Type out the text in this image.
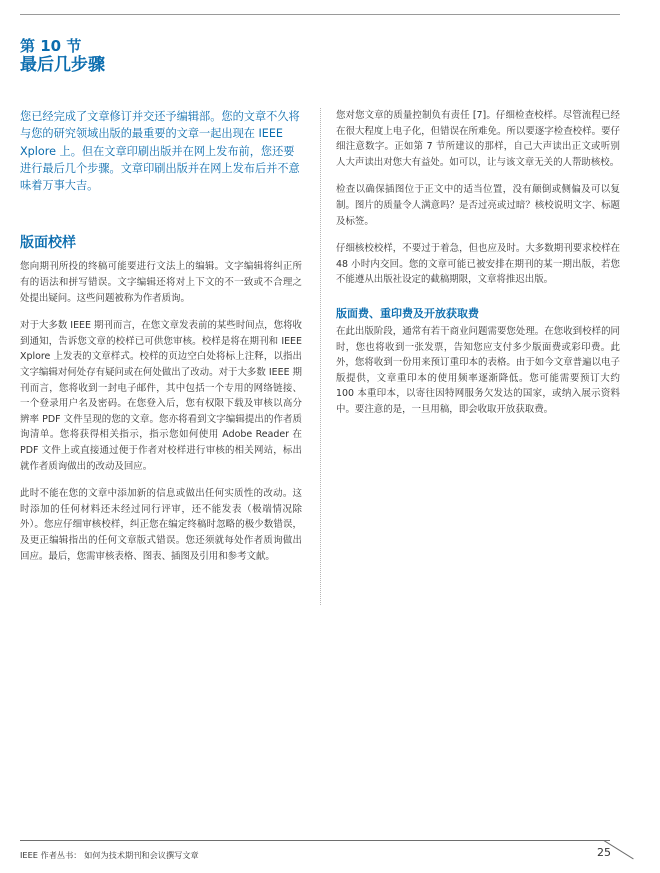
第 10 节
最后几步骤
您已经完成了文章修订并交还予编辑部。您的文章不久将与您的研究领域出版的最重要的文章一起出现在 IEEE Xplore 上。但在文章印刷出版并在网上发布前，您还要进行最后几个步骤。文章印刷出版并在网上发布后并不意味着万事大吉。
版面校样
您向期刊所投的终稿可能要进行文法上的编辑。文字编辑将纠正所有的语法和拼写错误。文字编辑还将对上下文的不一致或不合理之处提出疑问。这些问题被称为作者质询。
对于大多数 IEEE 期刊而言，在您文章发表前的某些时间点，您将收到通知，告诉您文章的校样已可供您审核。校样是将在期刊和 IEEE Xplore 上发表的文章样式。校样的页边空白处将标上注释，以指出文字编辑对何处存有疑问或在何处做出了改动。对于大多数 IEEE 期刊而言，您将收到一封电子邮件，其中包括一个专用的网络链接、一个登录用户名及密码。在您登入后，您有权限下载及审核以高分辨率 PDF 文件呈现的您的文章。您亦将看到文字编辑提出的作者质询清单。您将获得相关指示，指示您如何使用 Adobe Reader 在 PDF 文件上或直接通过便于作者对校样进行审核的相关网站，标出就作者质询做出的改动及回应。
此时不能在您的文章中添加新的信息或做出任何实质性的改动。这时添加的任何材料还未经过同行评审，还不能发表（极端情况除外）。您应仔细审核校样，纠正您在编定终稿时忽略的极少数错误，及更正编辑指出的任何文章版式错误。您还须就每处作者质询做出回应。最后，您需审核表格、图表、插图及引用和参考文献。
您对您文章的质量控制负有责任 [7]。仔细检查校样。尽管流程已经在很大程度上电子化，但错误在所难免。所以要逐字检查校样。要仔细注意数字。正如第 7 节所建议的那样，自己大声读出正文或听别人大声读出对您大有益处。如可以，让与该文章无关的人帮助核校。
检查以确保插图位于正文中的适当位置，没有颠倒或侧偏及可以复制。图片的质量令人满意吗？是否过亮或过暗？核校说明文字、标题及标签。
仔细核校校样，不要过于着急，但也应及时。大多数期刊要求校样在 48 小时内交回。您的文章可能已被安排在期刊的某一期出版，若您不能遵从出版社设定的截稿期限，文章将推迟出版。
版面费、重印费及开放获取费
在此出版阶段，通常有若干商业问题需要您处理。在您收到校样的同时，您也将收到一张发票，告知您应支付多少版面费或彩印费。此外，您将收到一份用来预订重印本的表格。由于如今文章普遍以电子版提供，文章重印本的使用频率逐渐降低。您可能需要预订大约 100 本重印本，以寄往因特网服务欠发达的国家，或纳入展示资料中。要注意的是，一旦用稿，即会收取开放获取费。
IEEE 作者丛书： 如何为技术期刊和会议撰写文章	25
